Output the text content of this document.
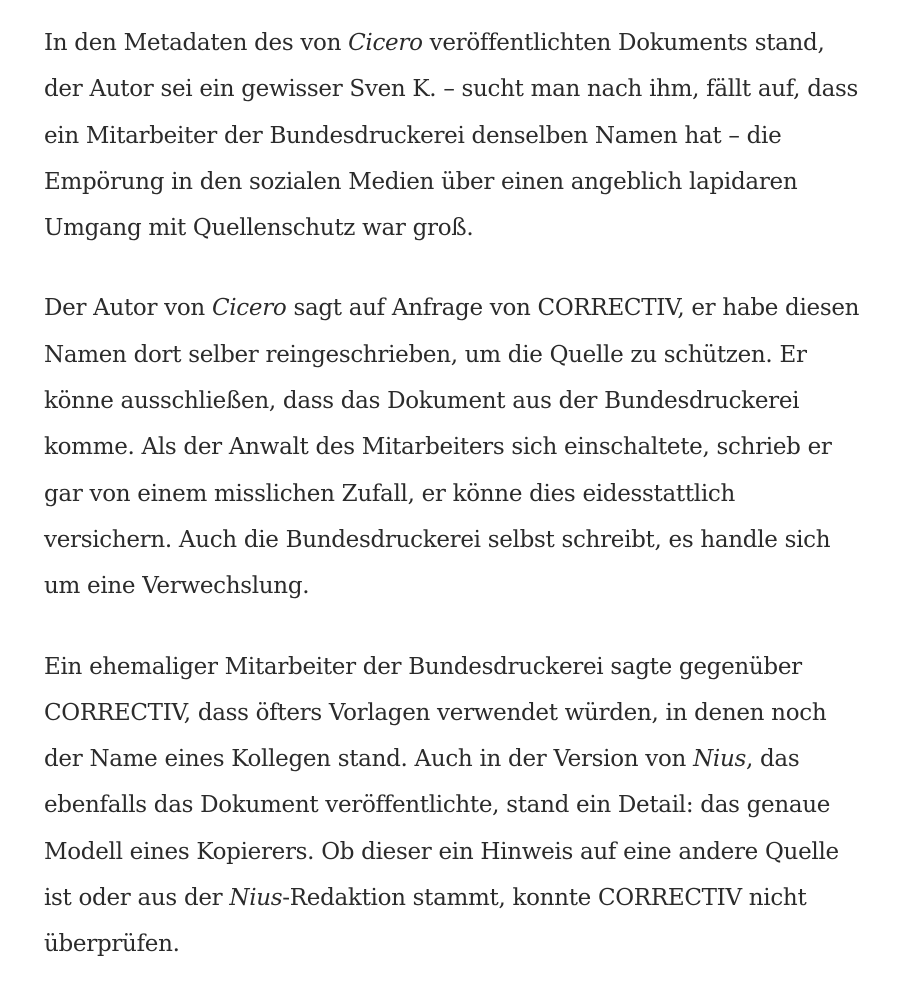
In den Metadaten des von Cicero veröffentlichten Dokuments stand,
der Autor sei ein gewisser Sven K. – sucht man nach ihm, fällt auf, dass
ein Mitarbeiter der Bundesdruckerei denselben Namen hat – die
Empörung in den sozialen Medien über einen angeblich lapidaren
Umgang mit Quellenschutz war groß.

Der Autor von Cicero sagt auf Anfrage von CORRECTIV, er habe diesen
Namen dort selber reingeschrieben, um die Quelle zu schützen. Er
könne ausschließen, dass das Dokument aus der Bundesdruckerei
komme. Als der Anwalt des Mitarbeiters sich einschaltete, schrieb er
gar von einem misslichen Zufall, er könne dies eidesstattlich
versichern. Auch die Bundesdruckerei selbst schreibt, es handle sich
um eine Verwechslung.

Ein ehemaliger Mitarbeiter der Bundesdruckerei sagte gegenüber
CORRECTIV, dass öfters Vorlagen verwendet würden, in denen noch
der Name eines Kollegen stand. Auch in der Version von Nius, das
ebenfalls das Dokument veröffentlichte, stand ein Detail: das genaue
Modell eines Kopierers. Ob dieser ein Hinweis auf eine andere Quelle
ist oder aus der Nius-Redaktion stammt, konnte CORRECTIV nicht
überprüfen.
